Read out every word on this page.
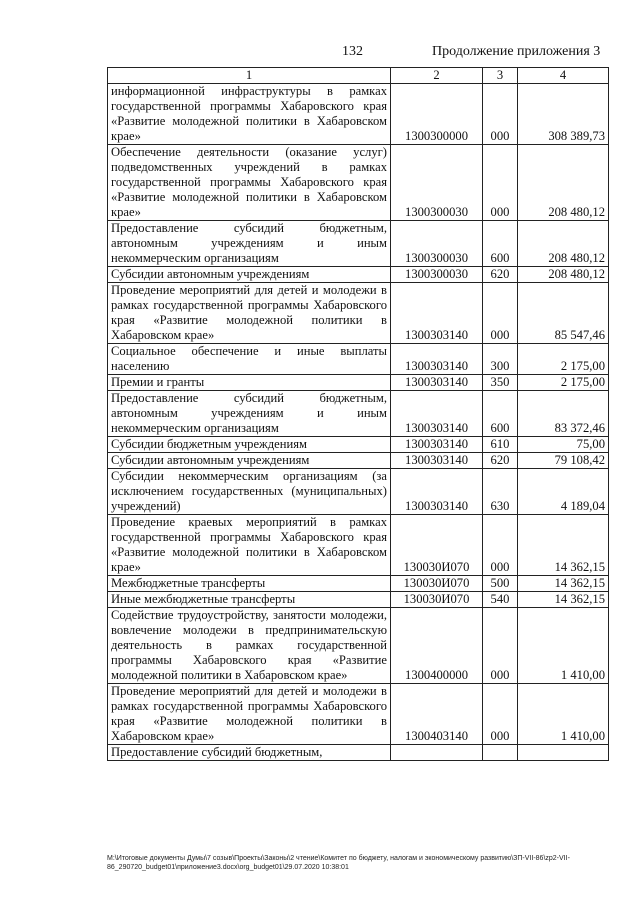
132	Продолжение приложения 3
1	2	3	4
информационной инфраструктуры в рамках государственной программы Хабаровского края «Развитие молодежной политики в Хабаровском крае»	1300300000	000	308 389,73
Обеспечение деятельности (оказание услуг) подведомственных учреждений в рамках государственной программы Хабаровского края «Развитие молодежной политики в Хабаровском крае»	1300300030	000	208 480,12
Предоставление субсидий бюджетным, автономным учреждениям и иным некоммерческим организациям	1300300030	600	208 480,12
Субсидии автономным учреждениям	1300300030	620	208 480,12
Проведение мероприятий для детей и молодежи в рамках государственной программы Хабаровского края «Развитие молодежной политики в Хабаровском крае»	1300303140	000	85 547,46
Социальное обеспечение и иные выплаты населению	1300303140	300	2 175,00
Премии и гранты	1300303140	350	2 175,00
Предоставление субсидий бюджетным, автономным учреждениям и иным некоммерческим организациям	1300303140	600	83 372,46
Субсидии бюджетным учреждениям	1300303140	610	75,00
Субсидии автономным учреждениям	1300303140	620	79 108,42
Субсидии некоммерческим организациям (за исключением государственных (муниципальных) учреждений)	1300303140	630	4 189,04
Проведение краевых мероприятий в рамках государственной программы Хабаровского края «Развитие молодежной политики в Хабаровском крае»	130030И070	000	14 362,15
Межбюджетные трансферты	130030И070	500	14 362,15
Иные межбюджетные трансферты	130030И070	540	14 362,15
Содействие трудоустройству, занятости молодежи, вовлечение молодежи в предпринимательскую деятельность в рамках государственной программы Хабаровского края «Развитие молодежной политики в Хабаровском крае»	1300400000	000	1 410,00
Проведение мероприятий для детей и молодежи в рамках государственной программы Хабаровского края «Развитие молодежной политики в Хабаровском крае»	1300403140	000	1 410,00
Предоставление субсидий бюджетным,			
М:\Итоговые документы Думы\7 созыв\Проекты\Законы\2 чтение\Комитет по бюджету, налогам и экономическому развитию\ЗП-VII-86\zp2-VII-86_290720_budget01\приложение3.docx\org_budget01\29.07.2020 10:38:01
